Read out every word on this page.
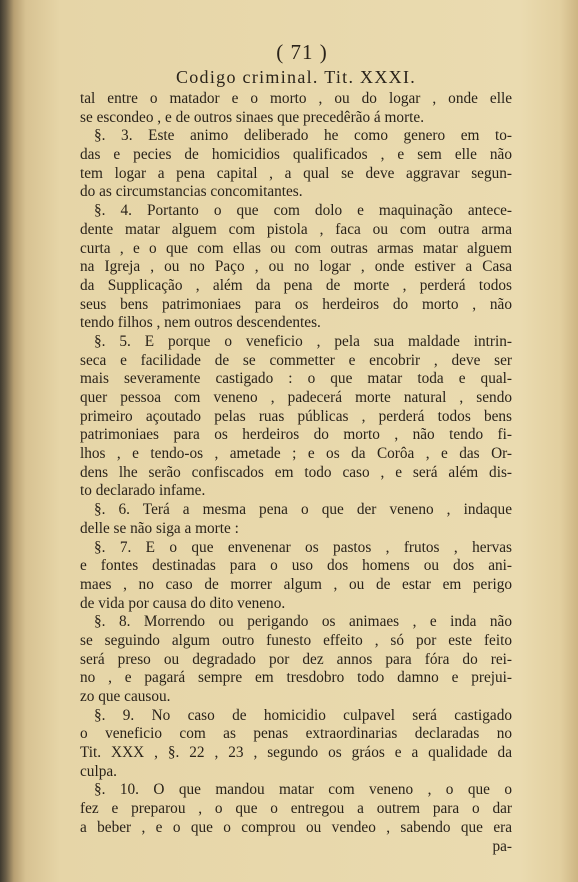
( 71 )
Codigo criminal. Tit. XXXI.
tal entre o matador e o morto , ou do logar , onde elle
se escondeo , e de outros sinaes que precedêrão á morte.
§. 3. Este animo deliberado he como genero em to-
das e pecies de homicidios qualificados , e sem elle não
tem logar a pena capital , a qual se deve aggravar segun-
do as circumstancias concomitantes.
§. 4. Portanto o que com dolo e maquinação antece-
dente matar alguem com pistola , faca ou com outra arma
curta , e o que com ellas ou com outras armas matar alguem
na Igreja , ou no Paço , ou no logar , onde estiver a Casa
da Supplicação , além da pena de morte , perderá todos
seus bens patrimoniaes para os herdeiros do morto , não
tendo filhos , nem outros descendentes.
§. 5. E porque o veneficio , pela sua maldade intrin-
seca e facilidade de se commetter e encobrir , deve ser
mais severamente castigado : o que matar toda e qual-
quer pessoa com veneno , padecerá morte natural , sendo
primeiro açoutado pelas ruas públicas , perderá todos bens
patrimoniaes para os herdeiros do morto , não tendo fi-
lhos , e tendo-os , ametade ; e os da Corôa , e das Or-
dens lhe serão confiscados em todo caso , e será além dis-
to declarado infame.
§. 6. Terá a mesma pena o que der veneno , indaque
delle se não siga a morte :
§. 7. E o que envenenar os pastos , frutos , hervas
e fontes destinadas para o uso dos homens ou dos ani-
maes , no caso de morrer algum , ou de estar em perigo
de vida por causa do dito veneno.
§. 8. Morrendo ou perigando os animaes , e inda não
se seguindo algum outro funesto effeito , só por este feito
será preso ou degradado por dez annos para fóra do rei-
no , e pagará sempre em tresdobro todo damno e prejui-
zo que causou.
§. 9. No caso de homicidio culpavel será castigado
o veneficio com as penas extraordinarias declaradas no
Tit. XXX , §. 22 , 23 , segundo os gráos e a qualidade da
culpa.
§. 10. O que mandou matar com veneno , o que o
fez e preparou , o que o entregou a outrem para o dar
a beber , e o que o comprou ou vendeo , sabendo que era
pa-
